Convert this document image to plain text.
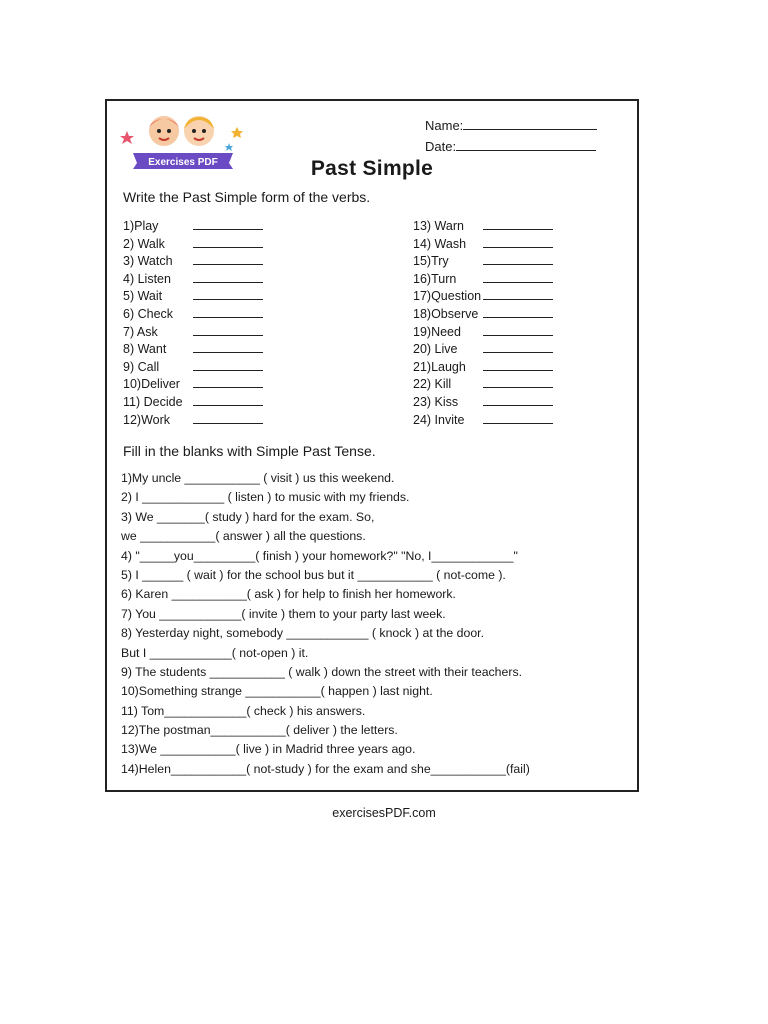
Exercises PDF
Name:
Date:
Past Simple
Write the Past Simple form of the verbs.
1)Play
2) Walk
3) Watch
4) Listen
5) Wait
6) Check
7) Ask
8) Want
9) Call
10)Deliver
11) Decide
12)Work
13) Warn
14) Wash
15)Try
16)Turn
17)Question
18)Observe
19)Need
20) Live
21)Laugh
22) Kill
23) Kiss
24) Invite
Fill in the blanks with Simple Past Tense.
1)My uncle ___________ ( visit ) us this weekend.
2) I ____________ ( listen ) to music with my friends.
3) We _______( study ) hard for the exam. So,
we ___________( answer ) all the questions.
4) "_____you_________( finish ) your homework?" "No, I____________"
5) I ______ ( wait ) for the school bus but it ___________ ( not-come ).
6) Karen ___________( ask ) for help to finish her homework.
7) You ____________( invite ) them to your party last week.
8) Yesterday night, somebody ____________ ( knock ) at the door.
But I ____________( not-open ) it.
9) The students ___________ ( walk ) down the street with their teachers.
10)Something strange ___________( happen ) last night.
11) Tom____________( check ) his answers.
12)The postman___________( deliver ) the letters.
13)We ___________( live ) in Madrid three years ago.
14)Helen___________( not-study ) for the exam and she___________(fail)
exercisesPDF.com
